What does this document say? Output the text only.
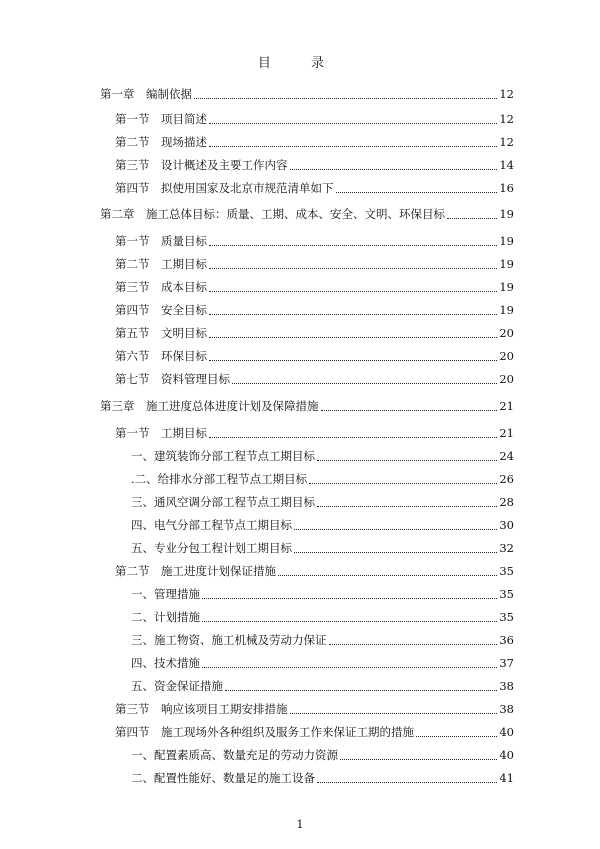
目 录
第一章　编制依据	12
第一节　项目简述	12
第二节　现场描述	12
第三节　设计概述及主要工作内容	14
第四节　拟使用国家及北京市规范清单如下	16
第二章　施工总体目标：质量、工期、成本、安全、文明、环保目标	19
第一节　质量目标	19
第二节　工期目标	19
第三节　成本目标	19
第四节　安全目标	19
第五节　文明目标	20
第六节　环保目标	20
第七节　资料管理目标	20
第三章　施工进度总体进度计划及保障措施	21
第一节　工期目标	21
一、建筑装饰分部工程节点工期目标	24
.二、给排水分部工程节点工期目标	26
三、通风空调分部工程节点工期目标	28
四、电气分部工程节点工期目标	30
五、专业分包工程计划工期目标	32
第二节　施工进度计划保证措施	35
一、管理措施	35
二、计划措施	35
三、施工物资、施工机械及劳动力保证	36
四、技术措施	37
五、资金保证措施	38
第三节　响应该项目工期安排措施	38
第四节　施工现场外各种组织及服务工作来保证工期的措施	40
一、配置素质高、数量充足的劳动力资源	40
二、配置性能好、数量足的施工设备	41
1
